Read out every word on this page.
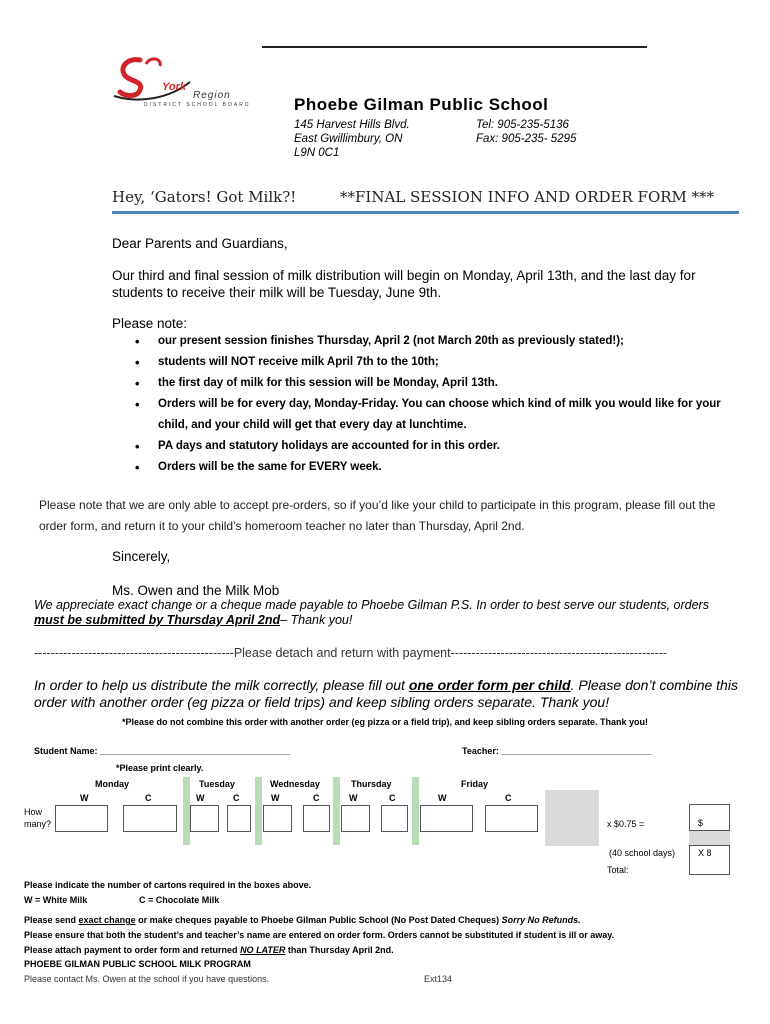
York
Region
DISTRICT SCHOOL BOARD	Phoebe Gilman Public School
145 Harvest Hills Blvd.
East Gwillimbury, ON
L9N 0C1
Tel: 905-235-5136
Fax: 905-235- 5295
Hey, ‘Gators! Got Milk?!	**FINAL SESSION INFO AND ORDER FORM ***
Dear Parents and Guardians,
Our third and final session of milk distribution will begin on Monday, April 13th, and the last day for students to receive their milk will be Tuesday, June 9th.
Please note:
• our present session finishes Thursday, April 2 (not March 20th as previously stated!);
• students will NOT receive milk April 7th to the 10th;
• the first day of milk for this session will be Monday, April 13th.
• Orders will be for every day, Monday-Friday. You can choose which kind of milk you would like for your child, and your child will get that every day at lunchtime.
• PA days and statutory holidays are accounted for in this order.
• Orders will be the same for EVERY week.
Please note that we are only able to accept pre-orders, so if you’d like your child to participate in this program, please fill out the order form, and return it to your child’s homeroom teacher no later than Thursday, April 2nd.
Sincerely,
Ms. Owen and the Milk Mob
We appreciate exact change or a cheque made payable to Phoebe Gilman P.S. In order to best serve our students, orders
must be submitted by Thursday April 2nd– Thank you!
------------------------------------------------Please detach and return with payment----------------------------------------------------
In order to help us distribute the milk correctly, please fill out one order form per child. Please don’t combine this order with another order (eg pizza or field trips) and keep sibling orders separate. Thank you!
*Please do not combine this order with another order (eg pizza or a field trip), and keep sibling orders separate. Thank you!
Student Name: ______________________________________	Teacher: ______________________________
*Please print clearly.
Monday	Tuesday	Wednesday	Thursday	Friday
W	C	W	C	W	C	W	C	W	C
How
many?	x $0.75 =	$
(40 school days)	X 8
Total:
Please indicate the number of cartons required in the boxes above.
W = White Milk	C = Chocolate Milk
Please send exact change or make cheques payable to Phoebe Gilman Public School (No Post Dated Cheques) Sorry No Refunds.
Please ensure that both the student’s and teacher’s name are entered on order form. Orders cannot be substituted if student is ill or away.
Please attach payment to order form and returned NO LATER than Thursday April 2nd.
PHOEBE GILMAN PUBLIC SCHOOL MILK PROGRAM
Please contact Ms. Owen at the school if you have questions.	Ext134
